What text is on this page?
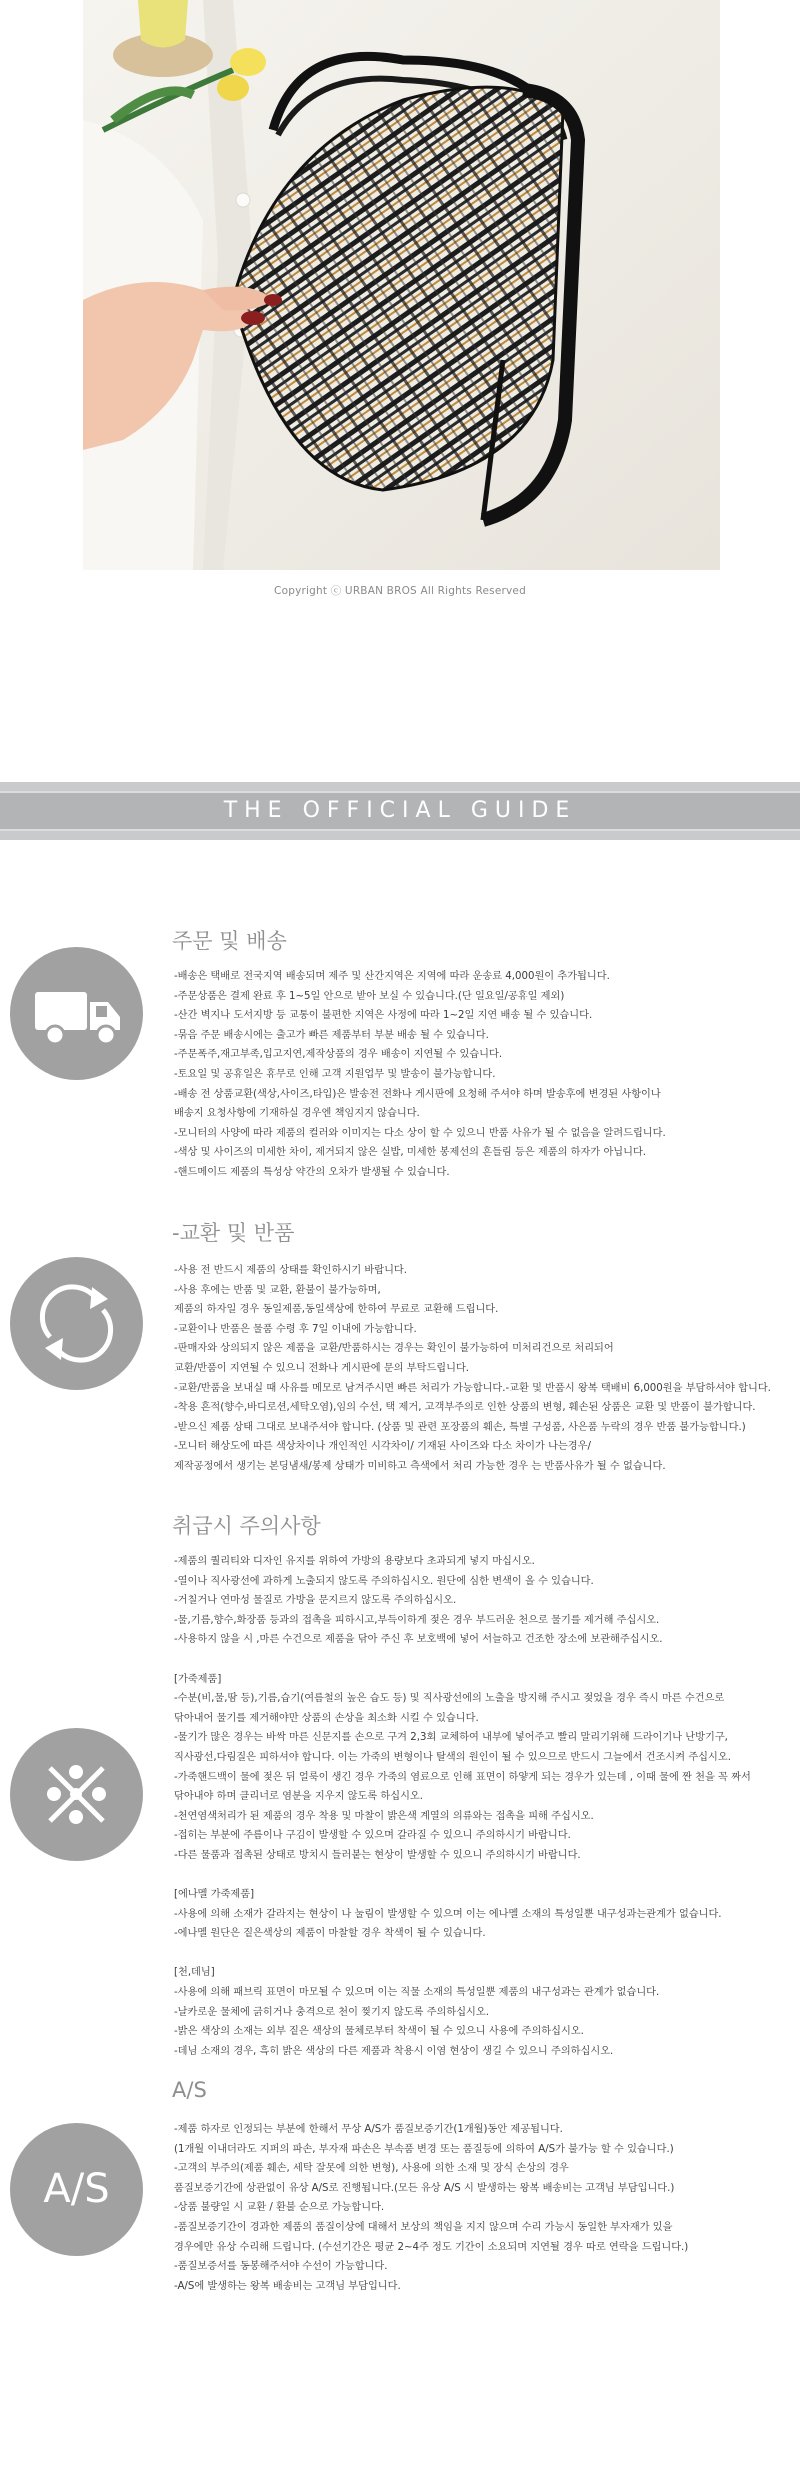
Copyright ⓒ URBAN BROS All Rights Reserved
THE OFFICIAL GUIDE
주문 및 배송
-배송은 택배로 전국지역 배송되며 제주 및 산간지역은 지역에 따라 운송료 4,000원이 추가됩니다.
-주문상품은 결제 완료 후 1~5일 안으로 받아 보실 수 있습니다.(단 일요일/공휴일 제외)
-산간 벽지나 도서지방 등 교통이 불편한 지역은 사정에 따라 1~2일 지연 배송 될 수 있습니다.
-묶음 주문 배송시에는 출고가 빠른 제품부터 부분 배송 될 수 있습니다.
-주문폭주,재고부족,입고지연,제작상품의 경우 배송이 지연될 수 있습니다.
-토요일 및 공휴일은 휴무로 인해 고객 지원업무 및 발송이 불가능합니다.
-배송 전 상품교환(색상,사이즈,타입)은 발송전 전화나 게시판에 요청해 주셔야 하며 발송후에 변경된 사항이나
배송지 요청사항에 기재하실 경우엔 책임지지 않습니다.
-모니터의 사양에 따라 제품의 컬러와 이미지는 다소 상이 할 수 있으니 반품 사유가 될 수 없음을 알려드립니다.
-색상 및 사이즈의 미세한 차이, 제거되지 않은 실밥, 미세한 봉제선의 흔들림 등은 제품의 하자가 아닙니다.
-핸드메이드 제품의 특성상 약간의 오차가 발생될 수 있습니다.
-교환 및 반품
-사용 전 반드시 제품의 상태를 확인하시기 바랍니다.
-사용 후에는 반품 및 교환, 환불이 불가능하며,
제품의 하자일 경우 동일제품,동일색상에 한하여 무료로 교환해 드립니다.
-교환이나 반품은 물품 수령 후 7일 이내에 가능합니다.
-판매자와 상의되지 않은 제품을 교환/반품하시는 경우는 확인이 불가능하여 미처리건으로 처리되어
교환/반품이 지연될 수 있으니 전화나 게시판에 문의 부탁드립니다.
-교환/반품을 보내실 때 사유를 메모로 남겨주시면 빠른 처리가 가능합니다.-교환 및 반품시 왕복 택배비 6,000원을 부담하셔야 합니다.
-착용 흔적(향수,바디로션,세탁오염),임의 수선, 택 제거, 고객부주의로 인한 상품의 변형, 훼손된 상품은 교환 및 반품이 불가합니다.
-받으신 제품 상태 그대로 보내주셔야 합니다. (상품 및 관련 포장품의 훼손, 특별 구성품, 사은품 누락의 경우 반품 불가능합니다.)
-모니터 해상도에 따른 색상차이나 개인적인 시각차이/ 기재된 사이즈와 다소 차이가 나는경우/
제작공정에서 생기는 본딩냄새/봉제 상태가 미비하고 측색에서 처리 가능한 경우 는 반품사유가 될 수 없습니다.
취급시 주의사항
-제품의 퀄리티와 디자인 유지를 위하여 가방의 용량보다 초과되게 넣지 마십시오.
-열이나 직사광선에 과하게 노출되지 않도록 주의하십시오. 원단에 심한 변색이 올 수 있습니다.
-거칠거나 연마성 물질로 가방을 문지르지 않도록 주의하십시오.
-물,기름,향수,화장품 등과의 접촉을 피하시고,부득이하게 젖은 경우 부드러운 천으로 물기를 제거해 주십시오.
-사용하지 않을 시 ,마른 수건으로 제품을 닦아 주신 후 보호백에 넣어 서늘하고 건조한 장소에 보관해주십시오.
[가죽제품]
-수분(비,물,땀 등),기름,습기(여름철의 높은 습도 등) 및 직사광선에의 노출을 방지해 주시고 젖었을 경우 즉시 마른 수건으로
닦아내어 물기를 제거해야만 상품의 손상을 최소화 시킬 수 있습니다.
-물기가 많은 경우는 바싹 마른 신문지를 손으로 구겨 2,3회 교체하여 내부에 넣어주고 빨리 말리기위해 드라이기나 난방기구,
직사광선,다림질은 피하셔야 합니다. 이는 가죽의 변형이나 탈색의 원인이 될 수 있으므로 반드시 그늘에서 건조시켜 주십시오.
-가죽핸드백이 물에 젖은 뒤 얼룩이 생긴 경우 가죽의 염료으로 인해 표면이 하얗게 되는 경우가 있는데 , 이때 물에 짠 천을 꼭 짜서
닦아내야 하며 클리너로 염분을 지우지 않도록 하십시오.
-천연염색처리가 된 제품의 경우 착용 및 마찰이 밝은색 계열의 의류와는 접촉을 피해 주십시오.
-접히는 부분에 주름이나 구김이 발생할 수 있으며 갈라질 수 있으니 주의하시기 바랍니다.
-다른 물품과 접촉된 상태로 방치시 들러붙는 현상이 발생할 수 있으니 주의하시기 바랍니다.
[에나멜 가죽제품]
-사용에 의해 소재가 갈라지는 현상이 나 눌림이 발생할 수 있으며 이는 에나멜 소재의 특성일뿐 내구성과는관계가 없습니다.
-에나멜 원단은 짙은색상의 제품이 마찰할 경우 착색이 될 수 있습니다.
[천,데님]
-사용에 의해 패브릭 표면이 마모될 수 있으며 이는 직물 소재의 특성일뿐 제품의 내구성과는 관계가 없습니다.
-날카로운 물체에 긁히거나 충격으로 천이 찢기지 않도록 주의하십시오.
-밝은 색상의 소재는 외부 짙은 색상의 물체로부터 착색이 될 수 있으니 사용에 주의하십시오.
-데님 소재의 경우, 흑히 밝은 색상의 다른 제품과 착용시 이염 현상이 생길 수 있으니 주의하십시오.
A/S
A/S
-제품 하자로 인정되는 부분에 한해서 무상 A/S가 품질보증기간(1개월)동안 제공됩니다.
(1개월 이내더라도 지퍼의 파손, 부자재 파손은 부속품 변경 또는 품질등에 의하여 A/S가 불가능 할 수 있습니다.)
-고객의 부주의(제품 훼손, 세탁 잘못에 의한 변형), 사용에 의한 소재 및 장식 손상의 경우
품질보증기간에 상관없이 유상 A/S로 진행됩니다.(모든 유상 A/S 시 발생하는 왕복 배송비는 고객님 부담입니다.)
-상품 불량일 시 교환 / 환불 순으로 가능합니다.
-품질보증기간이 경과한 제품의 품질이상에 대해서 보상의 책임을 지지 않으며 수리 가능시 동일한 부자재가 있을
경우에만 유상 수리해 드립니다. (수선기간은 평균 2~4주 정도 기간이 소요되며 지연될 경우 따로 연락을 드립니다.)
-품질보증서를 동봉해주셔야 수선이 가능합니다.
-A/S에 발생하는 왕복 배송비는 고객님 부담입니다.
